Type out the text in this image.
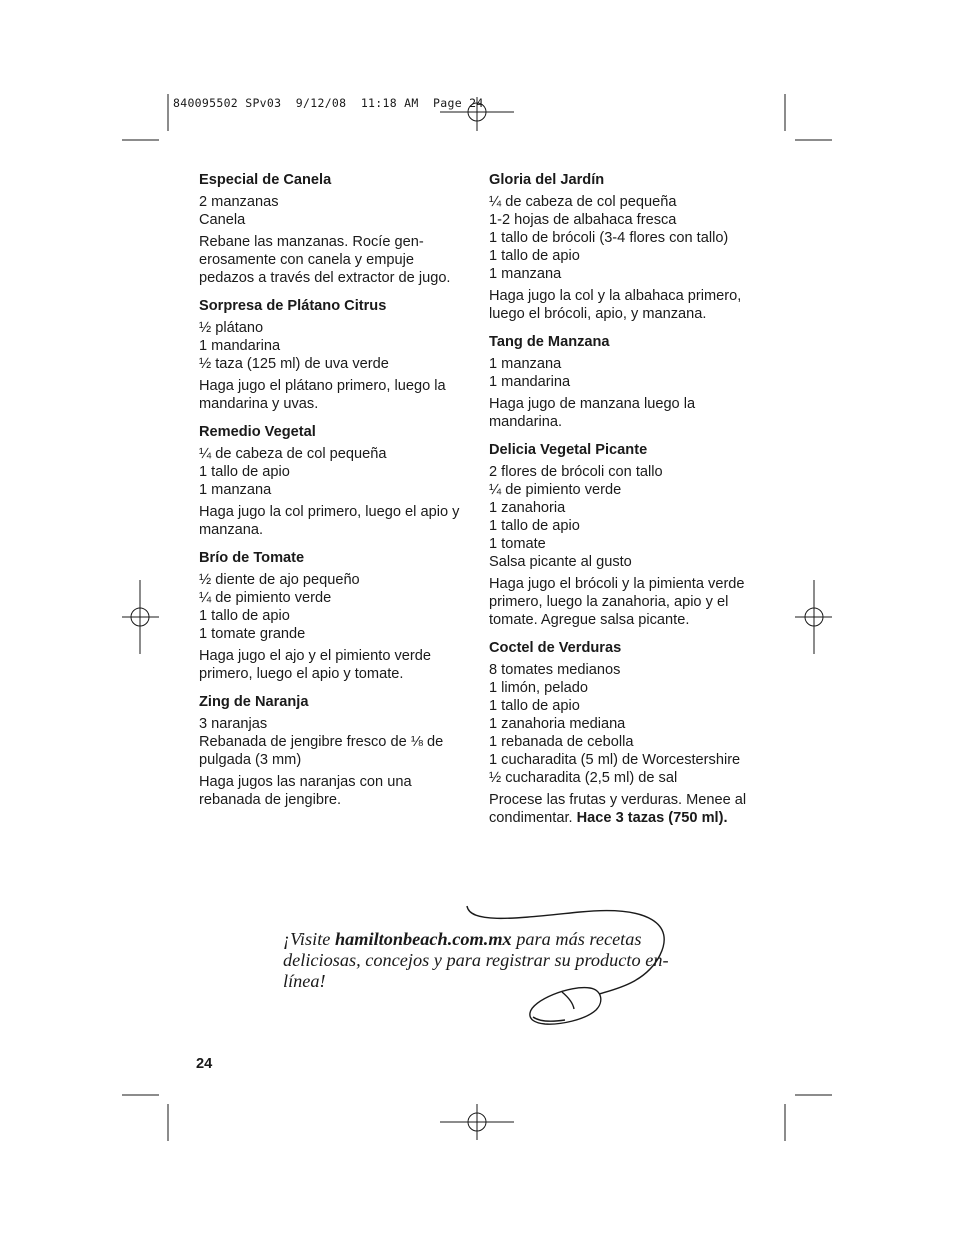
840095502 SPv03  9/12/08  11:18 AM  Page 24
Especial de Canela
2 manzanas
Canela
Rebane las manzanas. Rocíe gen-erosamente con canela y empuje pedazos a través del extractor de jugo.
Sorpresa de Plátano Citrus
½ plátano
1 mandarina
½ taza (125 ml) de uva verde
Haga jugo el plátano primero, luego la mandarina y uvas.
Remedio Vegetal
¼ de cabeza de col pequeña
1 tallo de apio
1 manzana
Haga jugo la col primero, luego el apio y manzana.
Brío de Tomate
½ diente de ajo pequeño
¼ de pimiento verde
1 tallo de apio
1 tomate grande
Haga jugo el ajo y el pimiento verde primero, luego el apio y tomate.
Zing de Naranja
3 naranjas
Rebanada de jengibre fresco de ⅛ de pulgada (3 mm)
Haga jugos las naranjas con una rebanada de jengibre.
Gloria del Jardín
¼ de cabeza de col pequeña
1-2 hojas de albahaca fresca
1 tallo de brócoli (3-4 flores con tallo)
1 tallo de apio
1 manzana
Haga jugo la col y la albahaca primero, luego el brócoli, apio, y manzana.
Tang de Manzana
1 manzana
1 mandarina
Haga jugo de manzana luego la mandarina.
Delicia Vegetal Picante
2 flores de brócoli con tallo
¼ de pimiento verde
1 zanahoria
1 tallo de apio
1 tomate
Salsa picante al gusto
Haga jugo el brócoli y la pimienta verde primero, luego la zanahoria, apio y el tomate. Agregue salsa picante.
Coctel de Verduras
8 tomates medianos
1 limón, pelado
1 tallo de apio
1 zanahoria mediana
1 rebanada de cebolla
1 cucharadita (5 ml) de Worcestershire
½ cucharadita (2,5 ml) de sal
Procese las frutas y verduras. Menee al condimentar. Hace 3 tazas (750 ml).
¡Visite hamiltonbeach.com.mx para más recetas deliciosas, concejos y para registrar su producto en-línea!
24
